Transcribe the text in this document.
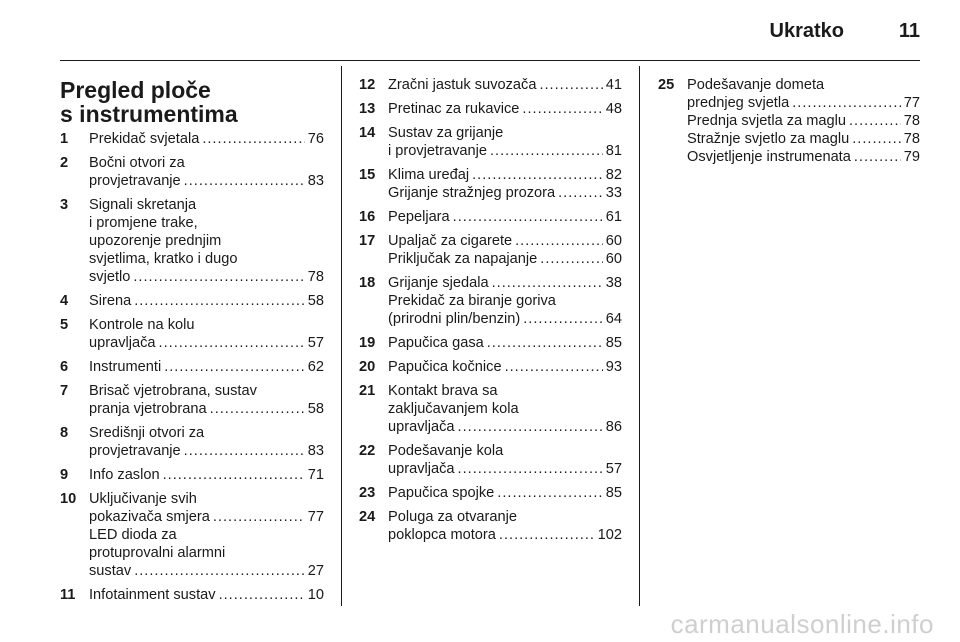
Ukratko	11
Pregled ploče
s instrumentima
1	Prekidač svjetala .....	76
2	Bočni otvori za
provjetravanje .....	83
3	Signali skretanja
i promjene trake,
upozorenje prednjim
svjetlima, kratko i dugo
svjetlo .....	78
4	Sirena .....	58
5	Kontrole na kolu
upravljača .....	57
6	Instrumenti .....	62
7	Brisač vjetrobrana, sustav
pranja vjetrobrana .....	58
8	Središnji otvori za
provjetravanje .....	83
9	Info zaslon .....	71
10 Uključivanje svih
pokazivača smjera .....	77
LED dioda za
protuprovalni alarmni
sustav .....	27
11 Infotainment sustav .....	10
12 Zračni jastuk suvozača .....	41
13 Pretinac za rukavice .....	48
14 Sustav za grijanje
i provjetravanje .....	81
15 Klima uređaj .....	82
Grijanje stražnjeg prozora .....	33
16 Pepeljara .....	61
17 Upaljač za cigarete .....	60
Priključak za napajanje .....	60
18 Grijanje sjedala .....	38
Prekidač za biranje goriva
(prirodni plin/benzin) .....	64
19 Papučica gasa .....	85
20 Papučica kočnice .....	93
21 Kontakt brava sa
zaključavanjem kola
upravljača .....	86
22 Podešavanje kola
upravljača .....	57
23 Papučica spojke .....	85
24 Poluga za otvaranje
poklopca motora .....	102
25 Podešavanje dometa
prednjeg svjetla .....	77
Prednja svjetla za maglu .....	78
Stražnje svjetlo za maglu .....	78
Osvjetljenje instrumenata .....	79
carmanualsonline.info
